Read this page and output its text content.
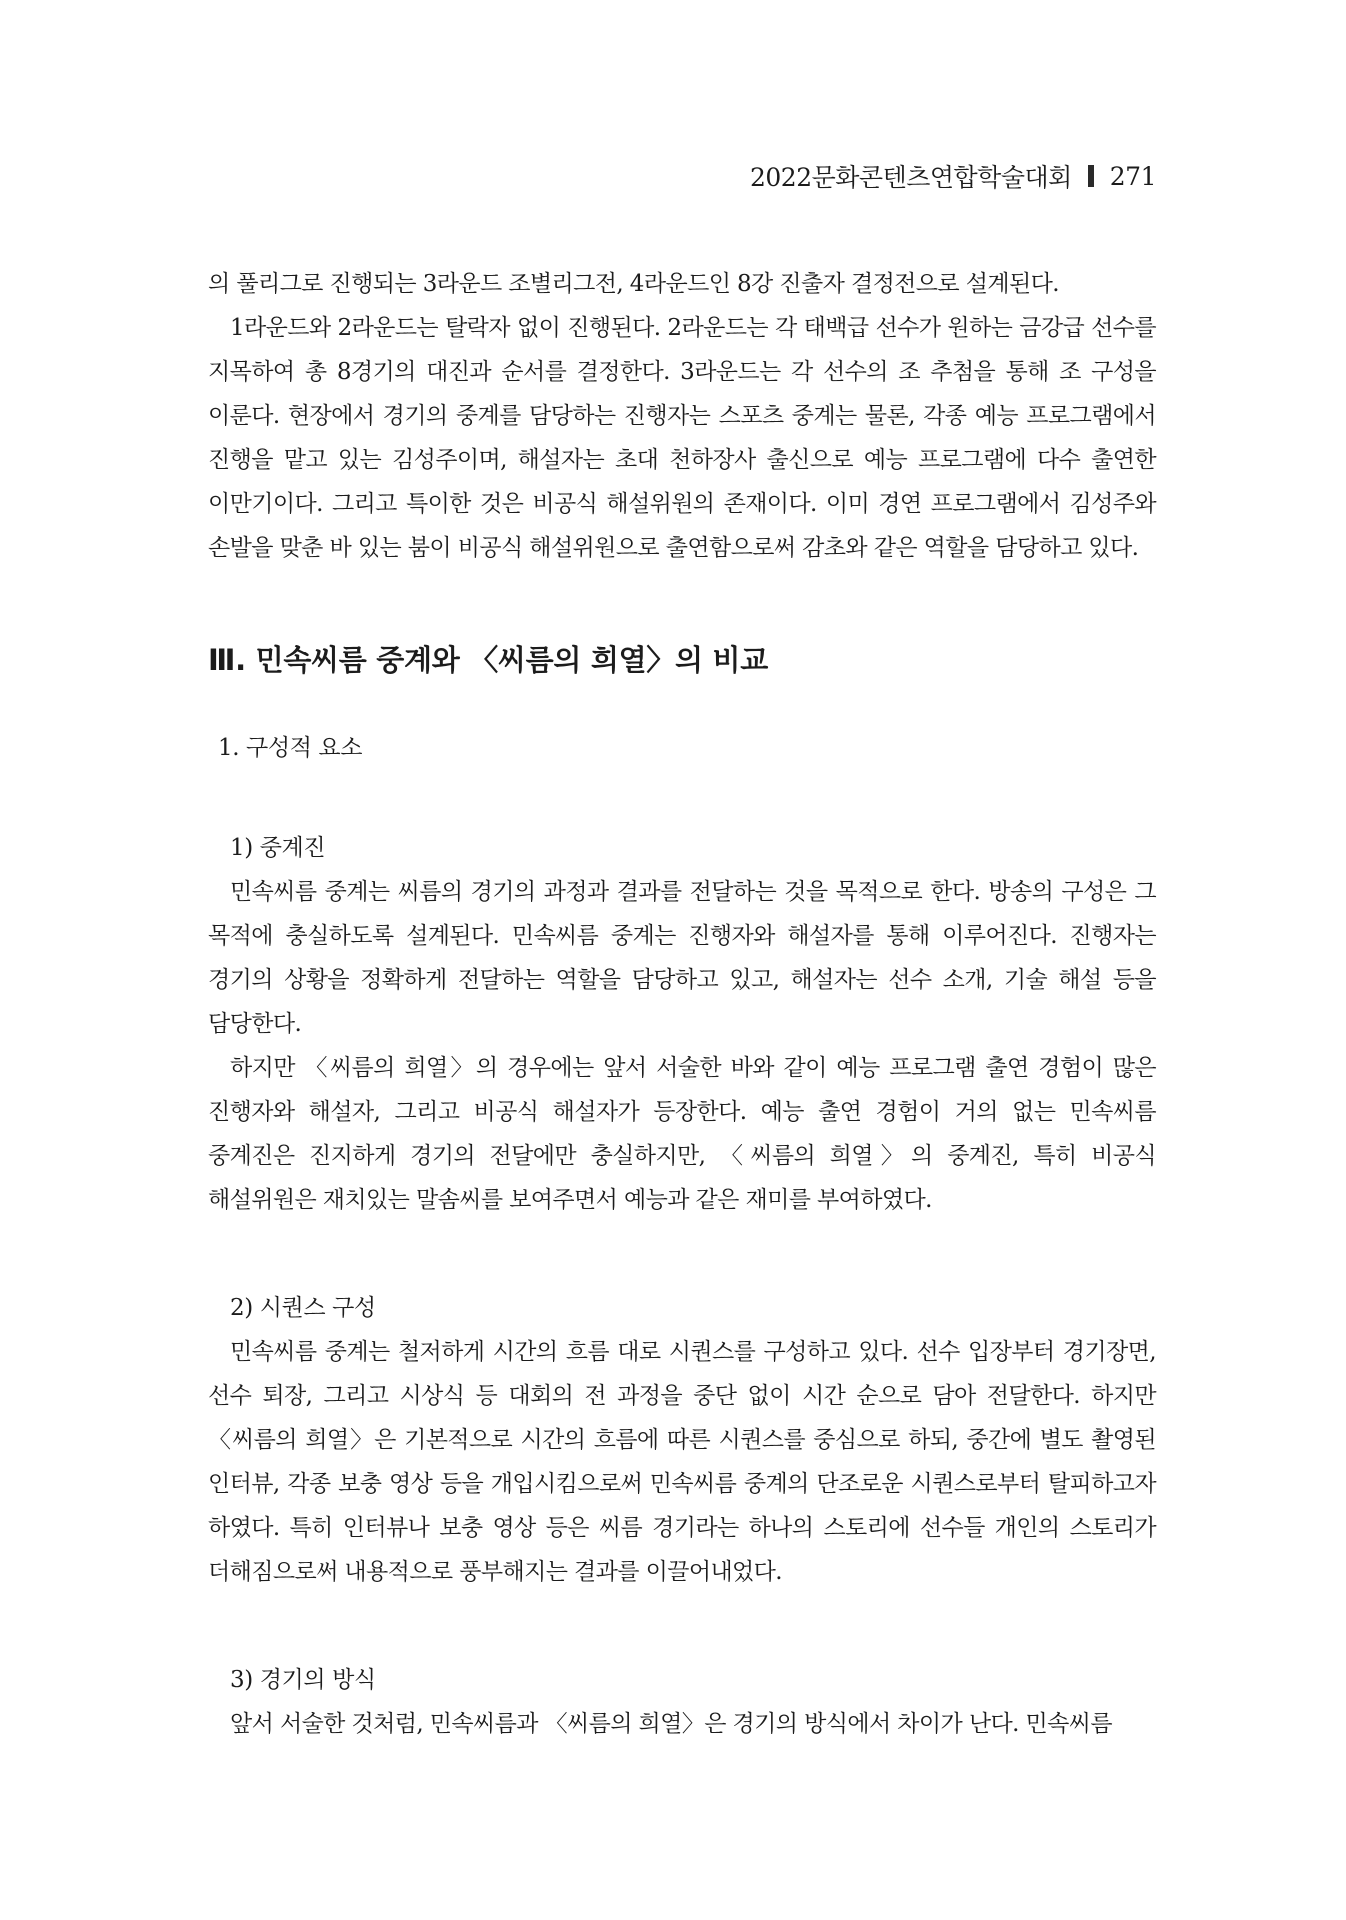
2022문화콘텐츠연합학술대회 271

의 풀리그로 진행되는 3라운드 조별리그전, 4라운드인 8강 진출자 결정전으로 설계된다.

1라운드와 2라운드는 탈락자 없이 진행된다. 2라운드는 각 태백급 선수가 원하는 금강급 선수를 지목하여 총 8경기의 대진과 순서를 결정한다. 3라운드는 각 선수의 조 추첨을 통해 조 구성을 이룬다. 현장에서 경기의 중계를 담당하는 진행자는 스포츠 중계는 물론, 각종 예능 프로그램에서 진행을 맡고 있는 김성주이며, 해설자는 초대 천하장사 출신으로 예능 프로그램에 다수 출연한 이만기이다. 그리고 특이한 것은 비공식 해설위원의 존재이다. 이미 경연 프로그램에서 김성주와 손발을 맞춘 바 있는 붐이 비공식 해설위원으로 출연함으로써 감초와 같은 역할을 담당하고 있다.

Ⅲ. 민속씨름 중계와 〈씨름의 희열〉의 비교
1. 구성적 요소
1) 중계진

민속씨름 중계는 씨름의 경기의 과정과 결과를 전달하는 것을 목적으로 한다. 방송의 구성은 그 목적에 충실하도록 설계된다. 민속씨름 중계는 진행자와 해설자를 통해 이루어진다. 진행자는 경기의 상황을 정확하게 전달하는 역할을 담당하고 있고, 해설자는 선수 소개, 기술 해설 등을 담당한다.

하지만 〈씨름의 희열〉의 경우에는 앞서 서술한 바와 같이 예능 프로그램 출연 경험이 많은 진행자와 해설자, 그리고 비공식 해설자가 등장한다. 예능 출연 경험이 거의 없는 민속씨름 중계진은 진지하게 경기의 전달에만 충실하지만, 〈씨름의 희열〉의 중계진, 특히 비공식 해설위원은 재치있는 말솜씨를 보여주면서 예능과 같은 재미를 부여하였다.

2) 시퀀스 구성

민속씨름 중계는 철저하게 시간의 흐름 대로 시퀀스를 구성하고 있다. 선수 입장부터 경기장면, 선수 퇴장, 그리고 시상식 등 대회의 전 과정을 중단 없이 시간 순으로 담아 전달한다. 하지만 〈씨름의 희열〉은 기본적으로 시간의 흐름에 따른 시퀀스를 중심으로 하되, 중간에 별도 촬영된 인터뷰, 각종 보충 영상 등을 개입시킴으로써 민속씨름 중계의 단조로운 시퀀스로부터 탈피하고자 하였다. 특히 인터뷰나 보충 영상 등은 씨름 경기라는 하나의 스토리에 선수들 개인의 스토리가 더해짐으로써 내용적으로 풍부해지는 결과를 이끌어내었다.

3) 경기의 방식

앞서 서술한 것처럼, 민속씨름과 〈씨름의 희열〉은 경기의 방식에서 차이가 난다. 민속씨름
